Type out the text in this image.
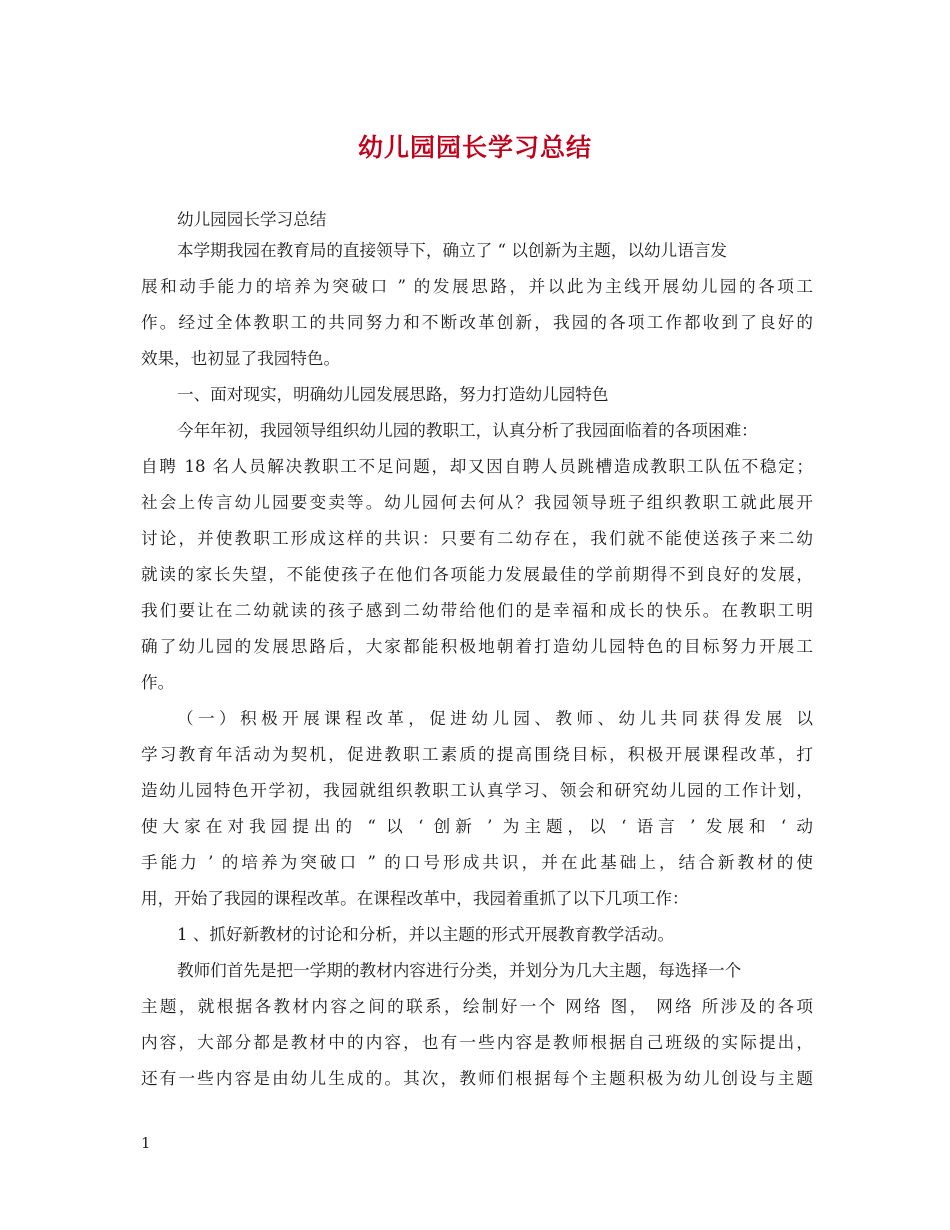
幼儿园园长学习总结
幼儿园园长学习总结
本学期我园在教育局的直接领导下，确立了 “ 以创新为主题，以幼儿语言发
展和动手能力的培养为突破口 ” 的发展思路，并以此为主线开展幼儿园的各项工
作。经过全体教职工的共同努力和不断改革创新，我园的各项工作都收到了良好的
效果，也初显了我园特色。
一、面对现实，明确幼儿园发展思路，努力打造幼儿园特色
今年年初，我园领导组织幼儿园的教职工，认真分析了我园面临着的各项困难：
自聘 18 名人员解决教职工不足问题，却又因自聘人员跳槽造成教职工队伍不稳定；
社会上传言幼儿园要变卖等。幼儿园何去何从？我园领导班子组织教职工就此展开
讨论，并使教职工形成这样的共识：只要有二幼存在，我们就不能使送孩子来二幼
就读的家长失望，不能使孩子在他们各项能力发展最佳的学前期得不到良好的发展，
我们要让在二幼就读的孩子感到二幼带给他们的是幸福和成长的快乐。在教职工明
确了幼儿园的发展思路后，大家都能积极地朝着打造幼儿园特色的目标努力开展工
作。
（一）积极开展课程改革，促进幼儿园、教师、幼儿共同获得发展 以
学习教育年活动为契机，促进教职工素质的提高围绕目标，积极开展课程改革，打
造幼儿园特色开学初，我园就组织教职工认真学习、领会和研究幼儿园的工作计划，
使大家在对我园提出的 “ 以 ‘ 创新 ’ 为主题，以 ‘ 语言 ’ 发展和 ‘ 动
手能力 ’ 的培养为突破口 ” 的口号形成共识，并在此基础上，结合新教材的使
用，开始了我园的课程改革。在课程改革中，我园着重抓了以下几项工作：
1 、抓好新教材的讨论和分析，并以主题的形式开展教育教学活动。
教师们首先是把一学期的教材内容进行分类，并划分为几大主题，每选择一个
主题，就根据各教材内容之间的联系，绘制好一个 网络 图， 网络 所涉及的各项
内容，大部分都是教材中的内容，也有一些内容是教师根据自己班级的实际提出，
还有一些内容是由幼儿生成的。其次，教师们根据每个主题积极为幼儿创设与主题
1
